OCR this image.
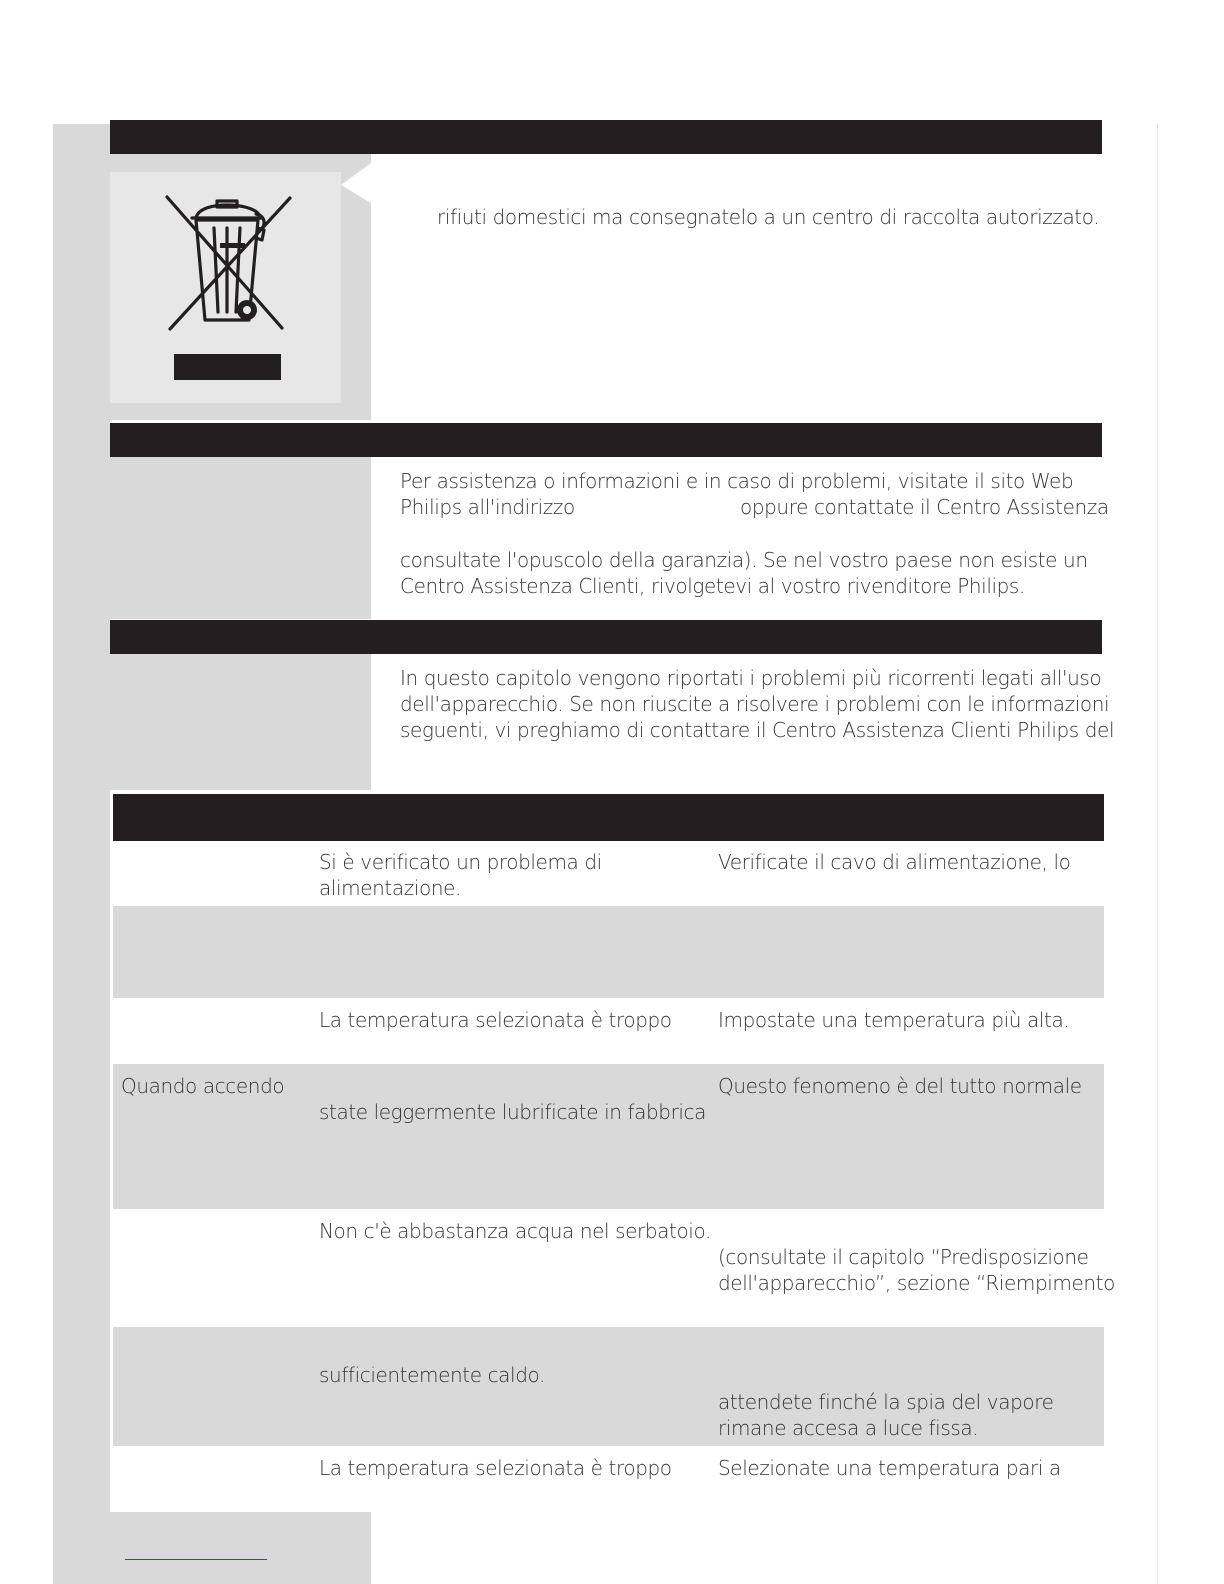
rifiuti domestici ma consegnatelo a un centro di raccolta autorizzato.
Per assistenza o informazioni e in caso di problemi, visitate il sito Web
Philips all'indirizzo	oppure contattate il Centro Assistenza
consultate l'opuscolo della garanzia). Se nel vostro paese non esiste un
Centro Assistenza Clienti, rivolgetevi al vostro rivenditore Philips.
In questo capitolo vengono riportati i problemi più ricorrenti legati all'uso
dell'apparecchio. Se non riuscite a risolvere i problemi con le informazioni
seguenti, vi preghiamo di contattare il Centro Assistenza Clienti Philips del
Si è verificato un problema di
alimentazione.
Verificate il cavo di alimentazione, lo
La temperatura selezionata è troppo Impostate una temperatura più alta.
Quando accendo
state leggermente lubrificate in fabbrica
Questo fenomeno è del tutto normale
Non c'è abbastanza acqua nel serbatoio.
(consultate il capitolo “Predisposizione
dell'apparecchio”, sezione “Riempimento
sufficientemente caldo.
attendete finché la spia del vapore
rimane accesa a luce fissa.
La temperatura selezionata è troppo Selezionate una temperatura pari a
